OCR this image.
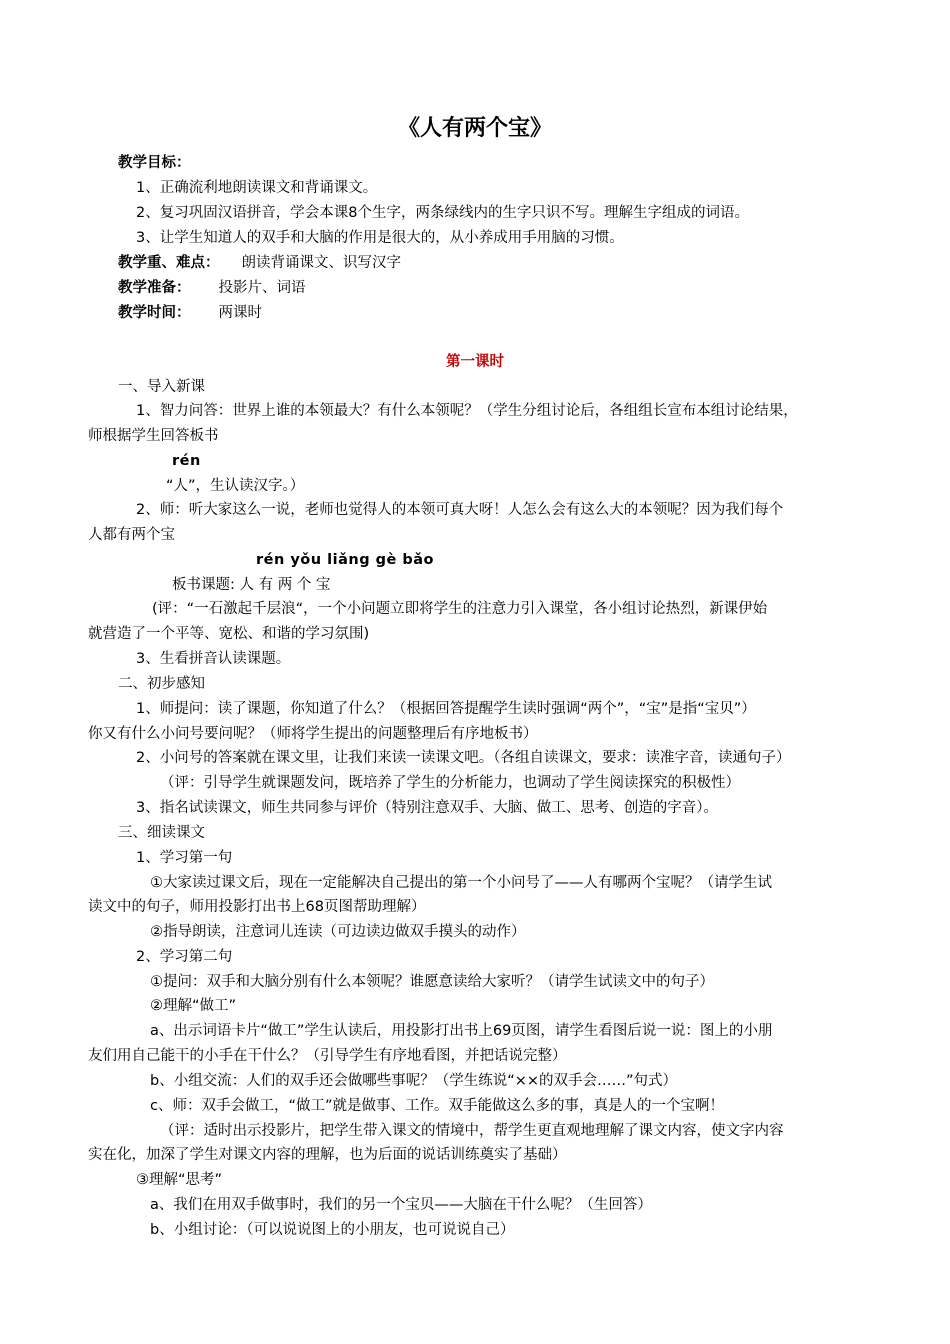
《人有两个宝》
教学目标：
1、正确流利地朗读课文和背诵课文。
2、复习巩固汉语拼音，学会本课8个生字，两条绿线内的生字只识不写。理解生字组成的词语。
3、让学生知道人的双手和大脑的作用是很大的，从小养成用手用脑的习惯。
教学重、难点： 朗读背诵课文、识写汉字
教学准备： 投影片、词语
教学时间： 两课时
第一课时
一、导入新课
1、智力问答：世界上谁的本领最大？有什么本领呢？（学生分组讨论后，各组组长宣布本组讨论结果，
师根据学生回答板书
rén
“人”，生认读汉字。）
2、师：听大家这么一说，老师也觉得人的本领可真大呀！人怎么会有这么大的本领呢？因为我们每个
人都有两个宝
rén yǒu liǎng gè bǎo
板书课题: 人 有 两 个 宝
(评：“一石激起千层浪“，一个小问题立即将学生的注意力引入课堂，各小组讨论热烈，新课伊始
就营造了一个平等、宽松、和谐的学习氛围)
3、生看拼音认读课题。
二、初步感知
1、师提问：读了课题，你知道了什么？（根据回答提醒学生读时强调“两个”，“宝”是指“宝贝”）
你又有什么小问号要问呢？（师将学生提出的问题整理后有序地板书）
2、小问号的答案就在课文里，让我们来读一读课文吧。（各组自读课文，要求：读准字音，读通句子）
（评：引导学生就课题发问，既培养了学生的分析能力，也调动了学生阅读探究的积极性）
3、指名试读课文，师生共同参与评价（特别注意双手、大脑、做工、思考、创造的字音）。
三、细读课文
1、学习第一句
①大家读过课文后，现在一定能解决自己提出的第一个小问号了——人有哪两个宝呢？（请学生试
读文中的句子，师用投影打出书上68页图帮助理解）
②指导朗读，注意词儿连读（可边读边做双手摸头的动作）
2、学习第二句
①提问：双手和大脑分别有什么本领呢？谁愿意读给大家听？（请学生试读文中的句子）
②理解“做工”
a、出示词语卡片“做工”学生认读后，用投影打出书上69页图，请学生看图后说一说：图上的小朋
友们用自己能干的小手在干什么？（引导学生有序地看图，并把话说完整）
b、小组交流：人们的双手还会做哪些事呢？（学生练说“××的双手会……”句式）
c、师：双手会做工，“做工”就是做事、工作。双手能做这么多的事，真是人的一个宝啊！
（评：适时出示投影片，把学生带入课文的情境中，帮学生更直观地理解了课文内容，使文字内容
实在化，加深了学生对课文内容的理解，也为后面的说话训练奠实了基础）
③理解“思考”
a、我们在用双手做事时，我们的另一个宝贝——大脑在干什么呢？（生回答）
b、小组讨论：（可以说说图上的小朋友，也可说说自己）
